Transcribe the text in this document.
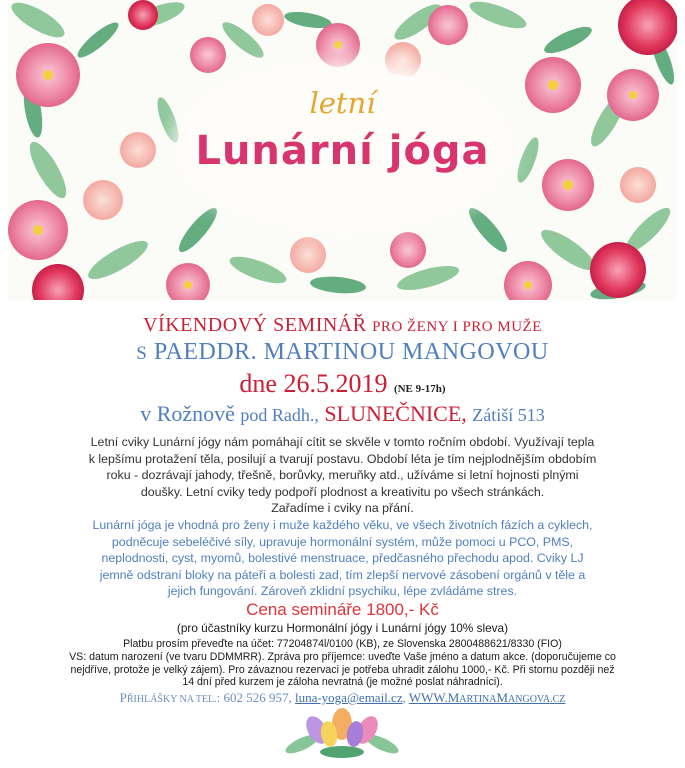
letní
Lunární jóga
VÍKENDOVÝ SEMINÁŘ PRO ŽENY I PRO MUŽE
S PAEDDR. MARTINOU MANGOVOU
dne 26.5.2019 (NE 9-17h)
v Rožnově pod Radh., SLUNEČNICE, Zátiší 513
Letní cviky Lunární jógy nám pomáhají cítit se skvěle v tomto ročním období. Využívají tepla
k lepšímu protažení těla, posilují a tvarují postavu. Období léta je tím nejplodnějším obdobím
roku - dozrávají jahody, třešně, borůvky, meruňky atd., užíváme si letní hojnosti plnými
doušky. Letní cviky tedy podpoří plodnost a kreativitu po všech stránkách.
Zařadíme i cviky na přání.
Lunární jóga je vhodná pro ženy i muže každého věku, ve všech životních fázích a cyklech,
podněcuje sebeléčivé síly, upravuje hormonální systém, může pomoci u PCO, PMS,
neplodnosti, cyst, myomů, bolestivé menstruace, předčasného přechodu apod. Cviky LJ
jemně odstraní bloky na páteři a bolesti zad, tím zlepší nervové zásobení orgánů v těle a
jejich fungování. Zároveň zklidní psychiku, lépe zvládáme stres.
Cena semináře 1800,- Kč
(pro účastníky kurzu Hormonální jógy i Lunární jógy 10% sleva)
Platbu prosím převeďte na účet: 77204874l/0100 (KB), ze Slovenska 2800488621/8330 (FIO)
VS: datum narození (ve tvaru DDMMRR). Zpráva pro příjemce: uveďte Vaše jméno a datum akce. (doporučujeme co
nejdříve, protože je velký zájem). Pro závaznou rezervaci je potřeba uhradit zálohu 1000,- Kč. Při stornu později než
14 dní před kurzem je záloha nevratná (je možné poslat náhradníci).
PŘIHLÁŠKY NA TEL.: 602 526 957, luna-yoga@email.cz, WWW.MARTINAMANGOVA.CZ
